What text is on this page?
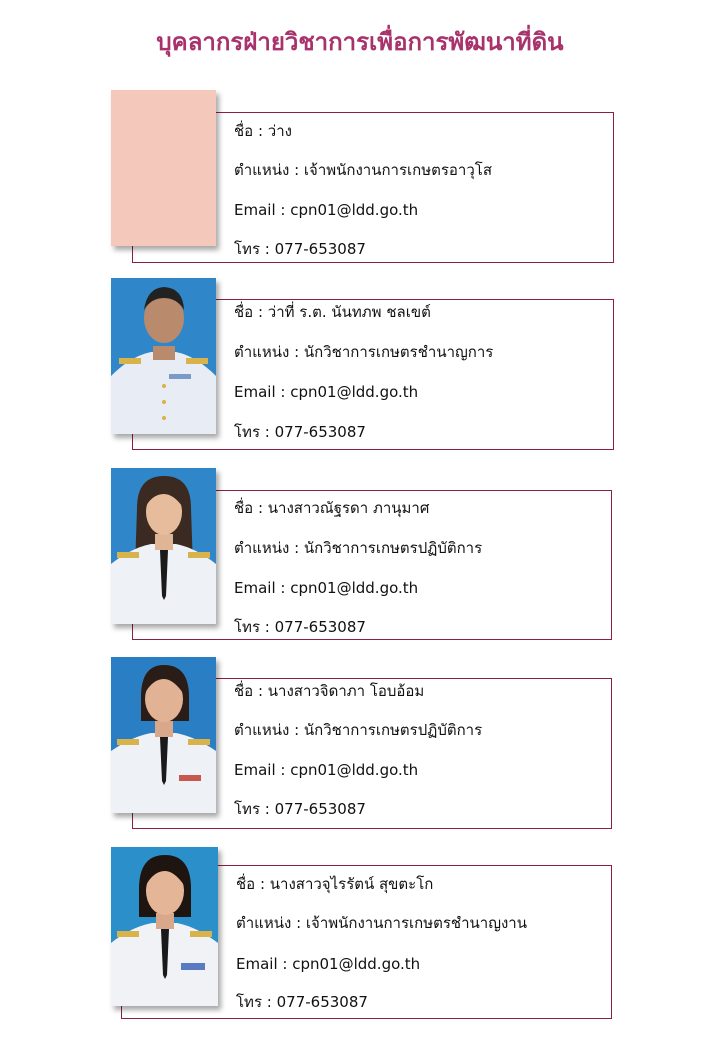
บุคลากรฝ่ายวิชาการเพื่อการพัฒนาที่ดิน
ชื่อ : ว่าง
ตำแหน่ง : เจ้าพนักงานการเกษตรอาวุโส
Email : cpn01@ldd.go.th
โทร : 077-653087
ชื่อ : ว่าที่ ร.ต. นันทภพ ชลเขต์
ตำแหน่ง : นักวิชาการเกษตรชำนาญการ
Email : cpn01@ldd.go.th
โทร : 077-653087
ชื่อ : นางสาวณัฐรดา ภานุมาศ
ตำแหน่ง : นักวิชาการเกษตรปฏิบัติการ
Email : cpn01@ldd.go.th
โทร : 077-653087
ชื่อ : นางสาวจิดาภา โอบอ้อม
ตำแหน่ง : นักวิชาการเกษตรปฏิบัติการ
Email : cpn01@ldd.go.th
โทร : 077-653087
ชื่อ : นางสาวจุไรรัตน์ สุขตะโก
ตำแหน่ง : เจ้าพนักงานการเกษตรชำนาญงาน
Email : cpn01@ldd.go.th
โทร : 077-653087
